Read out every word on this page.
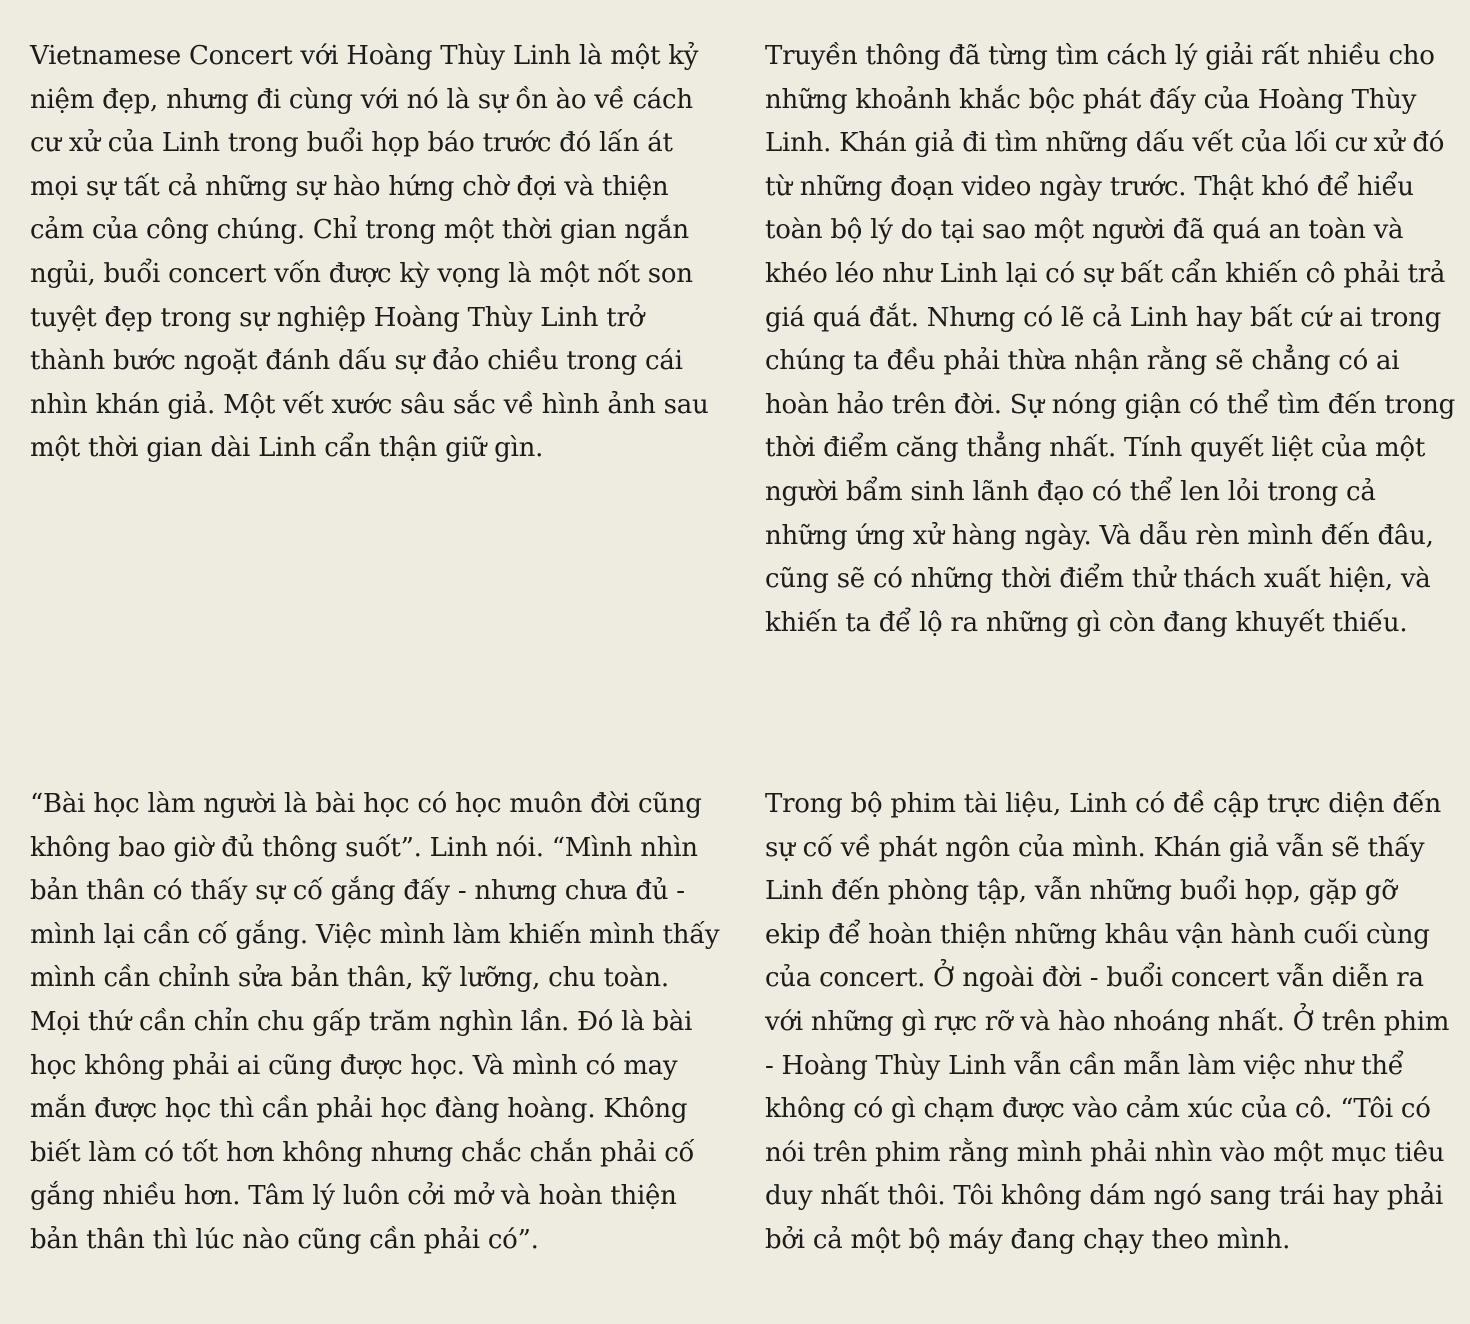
Vietnamese Concert với Hoàng Thùy Linh là một kỷ niệm đẹp, nhưng đi cùng với nó là sự ồn ào về cách cư xử của Linh trong buổi họp báo trước đó lấn át mọi sự tất cả những sự hào hứng chờ đợi và thiện cảm của công chúng. Chỉ trong một thời gian ngắn ngủi, buổi concert vốn được kỳ vọng là một nốt son tuyệt đẹp trong sự nghiệp Hoàng Thùy Linh trở thành bước ngoặt đánh dấu sự đảo chiều trong cái nhìn khán giả. Một vết xước sâu sắc về hình ảnh sau một thời gian dài Linh cẩn thận giữ gìn.

Truyền thông đã từng tìm cách lý giải rất nhiều cho những khoảnh khắc bộc phát đấy của Hoàng Thùy Linh. Khán giả đi tìm những dấu vết của lối cư xử đó từ những đoạn video ngày trước. Thật khó để hiểu toàn bộ lý do tại sao một người đã quá an toàn và khéo léo như Linh lại có sự bất cẩn khiến cô phải trả giá quá đắt. Nhưng có lẽ cả Linh hay bất cứ ai trong chúng ta đều phải thừa nhận rằng sẽ chẳng có ai hoàn hảo trên đời. Sự nóng giận có thể tìm đến trong thời điểm căng thẳng nhất. Tính quyết liệt của một người bẩm sinh lãnh đạo có thể len lỏi trong cả những ứng xử hàng ngày. Và dẫu rèn mình đến đâu, cũng sẽ có những thời điểm thử thách xuất hiện, và khiến ta để lộ ra những gì còn đang khuyết thiếu.

“Bài học làm người là bài học có học muôn đời cũng không bao giờ đủ thông suốt”. Linh nói. “Mình nhìn bản thân có thấy sự cố gắng đấy - nhưng chưa đủ - mình lại cần cố gắng. Việc mình làm khiến mình thấy mình cần chỉnh sửa bản thân, kỹ lưỡng, chu toàn. Mọi thứ cần chỉn chu gấp trăm nghìn lần. Đó là bài học không phải ai cũng được học. Và mình có may mắn được học thì cần phải học đàng hoàng. Không biết làm có tốt hơn không nhưng chắc chắn phải cố gắng nhiều hơn. Tâm lý luôn cởi mở và hoàn thiện bản thân thì lúc nào cũng cần phải có”.

Trong bộ phim tài liệu, Linh có đề cập trực diện đến sự cố về phát ngôn của mình. Khán giả vẫn sẽ thấy Linh đến phòng tập, vẫn những buổi họp, gặp gỡ ekip để hoàn thiện những khâu vận hành cuối cùng của concert. Ở ngoài đời - buổi concert vẫn diễn ra với những gì rực rỡ và hào nhoáng nhất. Ở trên phim - Hoàng Thùy Linh vẫn cần mẫn làm việc như thể không có gì chạm được vào cảm xúc của cô. “Tôi có nói trên phim rằng mình phải nhìn vào một mục tiêu duy nhất thôi. Tôi không dám ngó sang trái hay phải bởi cả một bộ máy đang chạy theo mình.
